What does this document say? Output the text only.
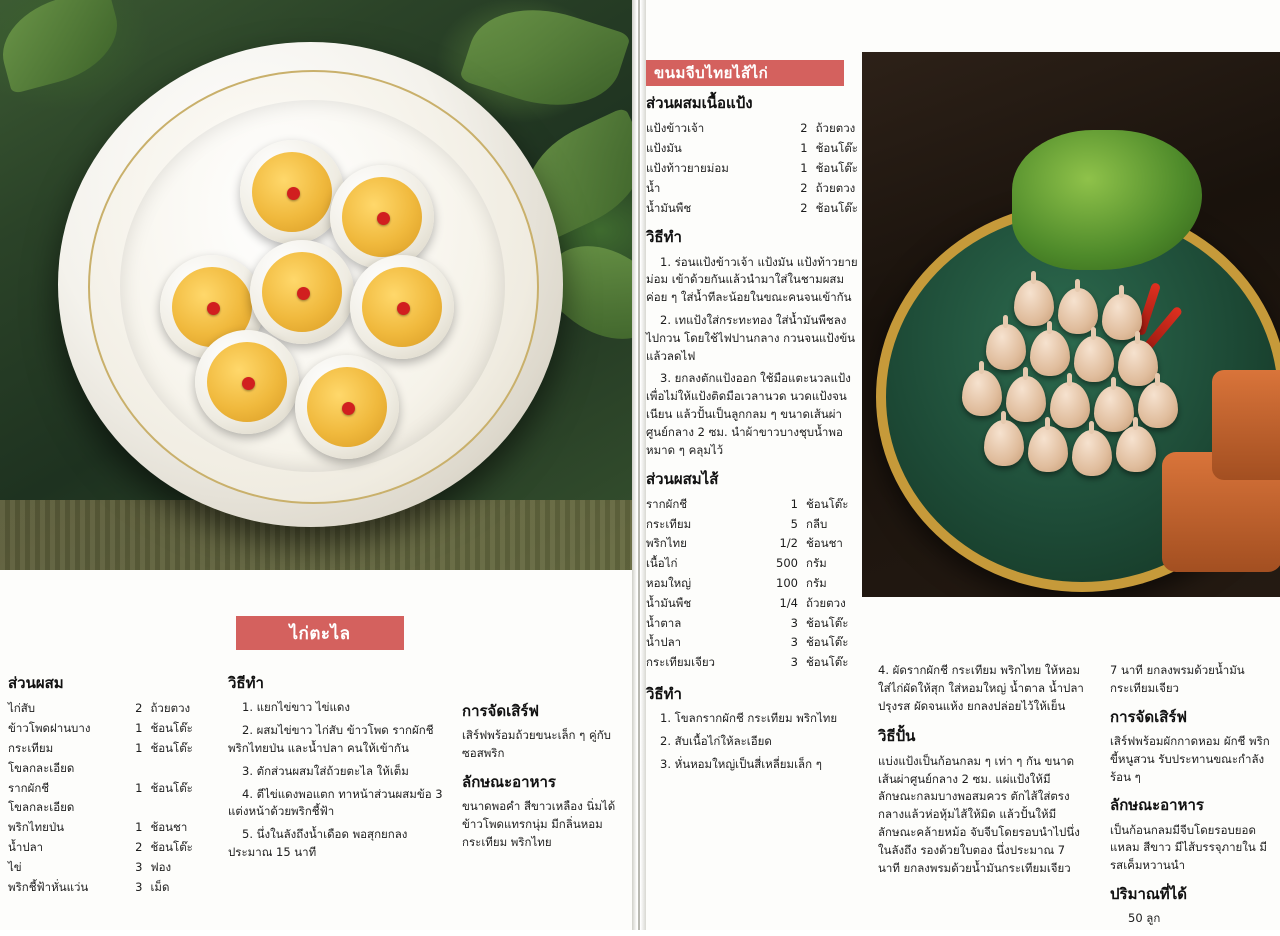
ไก่ตะไล
ส่วนผสม
ไก่สับ	2	ถ้วยตวง
ข้าวโพดฝานบาง	1	ช้อนโต๊ะ
กระเทียม	1	ช้อนโต๊ะ
โขลกละเอียด		
รากผักชี	1	ช้อนโต๊ะ
โขลกละเอียด		
พริกไทยป่น	1	ช้อนชา
น้ำปลา	2	ช้อนโต๊ะ
ไข่	3	ฟอง
พริกชี้ฟ้าหั่นแว่น	3	เม็ด
วิธีทำ
1. แยกไข่ขาว ไข่แดง
2. ผสมไข่ขาว ไก่สับ ข้าวโพด รากผักชี พริกไทยป่น และน้ำปลา คนให้เข้ากัน
3. ตักส่วนผสมใส่ถ้วยตะไล ให้เต็ม
4. ตีไข่แดงพอแตก ทาหน้าส่วนผสมข้อ 3 แต่งหน้าด้วยพริกชี้ฟ้า
5. นึ่งในลังถึงน้ำเดือด พอสุกยกลงประมาณ 15 นาที
การจัดเสิร์ฟ

เสิร์ฟพร้อมถ้วยขนะเล็ก ๆ คู่กับซอสพริก

ลักษณะอาหาร

ขนาดพอคำ สีขาวเหลือง นิ่มได้ ข้าวโพดแทรกนุ่ม มีกลิ่นหอมกระเทียม พริกไทย

ขนมจีบไทยไส้ไก่
ส่วนผสมเนื้อแป้ง
แป้งข้าวเจ้า	2	ถ้วยตวง
แป้งมัน	1	ช้อนโต๊ะ
แป้งท้าวยายม่อม	1	ช้อนโต๊ะ
น้ำ	2	ถ้วยตวง
น้ำมันพืช	2	ช้อนโต๊ะ
วิธีทำ
1. ร่อนแป้งข้าวเจ้า แป้งมัน แป้งท้าวยายม่อม เข้าด้วยกันแล้วนำมาใส่ในชามผสม ค่อย ๆ ใส่น้ำทีละน้อยในขณะคนจนเข้ากัน
2. เทแป้งใส่กระทะทอง ใส่น้ำมันพืชลงไปกวน โดยใช้ไฟปานกลาง กวนจนแป้งข้น แล้วลดไฟ
3. ยกลงตักแป้งออก ใช้มือแตะนวลแป้ง เพื่อไม่ให้แป้งติดมือเวลานวด นวดแป้งจนเนียน แล้วปั้นเป็นลูกกลม ๆ ขนาดเส้นผ่าศูนย์กลาง 2 ซม. นำผ้าขาวบางชุบน้ำพอหมาด ๆ คลุมไว้
ส่วนผสมไส้
รากผักชี	1	ช้อนโต๊ะ
กระเทียม	5	กลีบ
พริกไทย	1/2	ช้อนชา
เนื้อไก่	500	กรัม
หอมใหญ่	100	กรัม
น้ำมันพืช	1/4	ถ้วยตวง
น้ำตาล	3	ช้อนโต๊ะ
น้ำปลา	3	ช้อนโต๊ะ
กระเทียมเจียว	3	ช้อนโต๊ะ
วิธีทำ
1. โขลกรากผักชี กระเทียม พริกไทย
2. สับเนื้อไก่ให้ละเอียด
3. หั่นหอมใหญ่เป็นสี่เหลี่ยมเล็ก ๆ

4. ผัดรากผักชี กระเทียม พริกไทย ให้หอม ใส่ไก่ผัดให้สุก ใส่หอมใหญ่ น้ำตาล น้ำปลาปรุงรส ผัดจนแห้ง ยกลงปล่อยไว้ให้เย็น

วิธีปั้น

แบ่งแป้งเป็นก้อนกลม ๆ เท่า ๆ กัน ขนาดเส้นผ่าศูนย์กลาง 2 ซม. แผ่แป้งให้มีลักษณะกลมบางพอสมควร ตักไส้ใส่ตรงกลางแล้วห่อหุ้มไส้ให้มิด แล้วปั้นให้มีลักษณะคล้ายหม้อ จับจีบโดยรอบนำไปนึ่งในลังถึง รองด้วยใบตอง นึ่งประมาณ 7 นาที ยกลงพรมด้วยน้ำมันกระเทียมเจียว

7 นาที ยกลงพรมด้วยน้ำมันกระเทียมเจียว

การจัดเสิร์ฟ

เสิร์ฟพร้อมผักกาดหอม ผักชี พริกขี้หนูสวน รับประทานขณะกำลังร้อน ๆ

ลักษณะอาหาร

เป็นก้อนกลมมีจีบโดยรอบยอดแหลม สีขาว มีไส้บรรจุภายใน มีรสเค็มหวานนำ

ปริมาณที่ได้

50 ลูก
